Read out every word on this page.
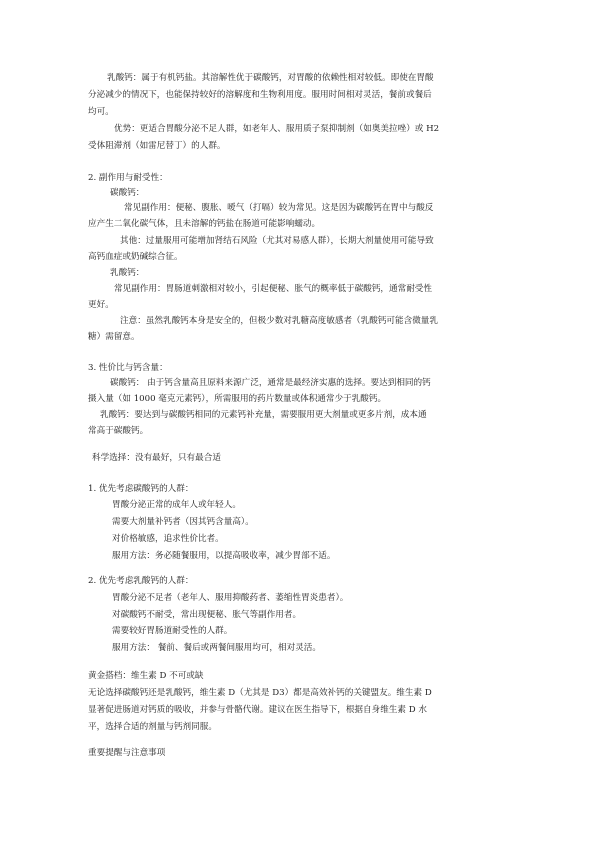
乳酸钙：属于有机钙盐。其溶解性优于碳酸钙，对胃酸的依赖性相对较低。即使在胃酸
分泌减少的情况下，也能保持较好的溶解度和生物利用度。服用时间相对灵活，餐前或餐后
均可。
优势：更适合胃酸分泌不足人群，如老年人、服用质子泵抑制剂（如奥美拉唑）或 H2
受体阻滞剂（如雷尼替丁）的人群。
2. 副作用与耐受性：
碳酸钙：
常见副作用：便秘、腹胀、嗳气（打嗝）较为常见。这是因为碳酸钙在胃中与酸反
应产生二氧化碳气体，且未溶解的钙盐在肠道可能影响蠕动。
其他：过量服用可能增加肾结石风险（尤其对易感人群），长期大剂量使用可能导致
高钙血症或奶碱综合征。
乳酸钙：
常见副作用：胃肠道刺激相对较小，引起便秘、胀气的概率低于碳酸钙，通常耐受性
更好。
注意：虽然乳酸钙本身是安全的，但极少数对乳糖高度敏感者（乳酸钙可能含微量乳
糖）需留意。
3. 性价比与钙含量：
碳酸钙： 由于钙含量高且原料来源广泛，通常是最经济实惠的选择。要达到相同的钙
摄入量（如 1000 毫克元素钙），所需服用的药片数量或体积通常少于乳酸钙。
乳酸钙：要达到与碳酸钙相同的元素钙补充量，需要服用更大剂量或更多片剂，成本通
常高于碳酸钙。
科学选择：没有最好，只有最合适
1. 优先考虑碳酸钙的人群：
胃酸分泌正常的成年人或年轻人。
需要大剂量补钙者（因其钙含量高）。
对价格敏感，追求性价比者。
服用方法：务必随餐服用，以提高吸收率，减少胃部不适。
2. 优先考虑乳酸钙的人群：
胃酸分泌不足者（老年人、服用抑酸药者、萎缩性胃炎患者）。
对碳酸钙不耐受，常出现便秘、胀气等副作用者。
需要较好胃肠道耐受性的人群。
服用方法： 餐前、餐后或两餐间服用均可，相对灵活。
黄金搭档：维生素 D 不可或缺
无论选择碳酸钙还是乳酸钙，维生素 D（尤其是 D3）都是高效补钙的关键盟友。维生素 D
显著促进肠道对钙质的吸收，并参与骨骼代谢。建议在医生指导下，根据自身维生素 D 水
平，选择合适的剂量与钙剂同服。
重要提醒与注意事项
